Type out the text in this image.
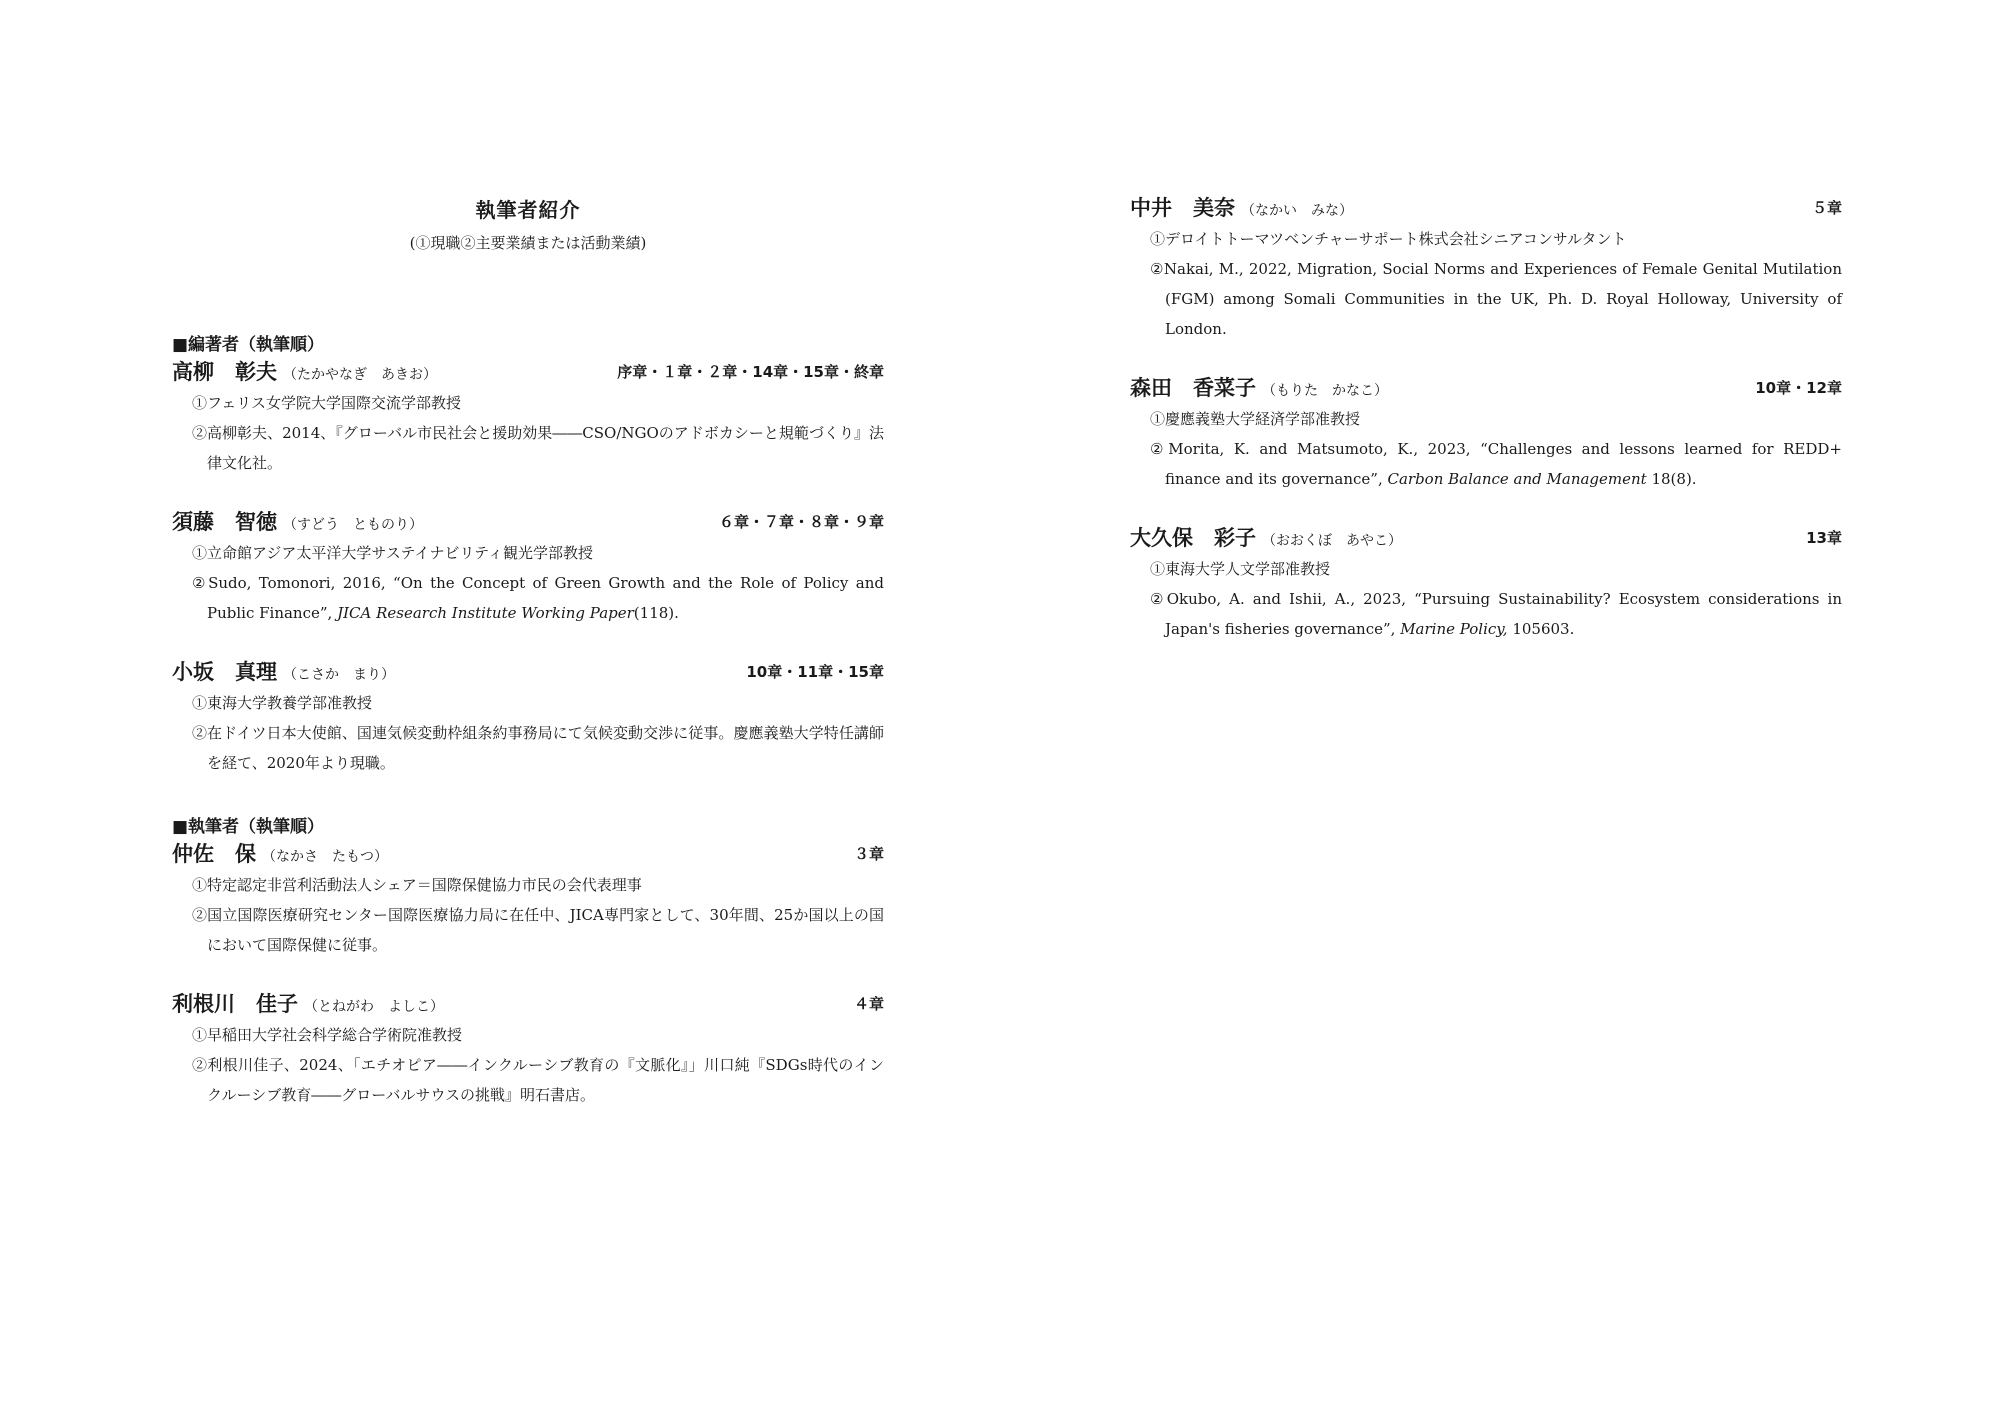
執筆者紹介
(①現職②主要業績または活動業績)
■編著者（執筆順）
高柳　彰夫 （たかやなぎ　あきお）	序章・１章・２章・14章・15章・終章
①フェリス女学院大学国際交流学部教授
②高柳彰夫、2014、『グローバル市民社会と援助効果――CSO/NGOのアドボカシーと規範づくり』法律文化社。
須藤　智徳 （すどう　とものり）	６章・７章・８章・９章
①立命館アジア太平洋大学サステイナビリティ観光学部教授
②Sudo, Tomonori, 2016, “On the Concept of Green Growth and the Role of Policy and Public Finance”, JICA Research Institute Working Paper(118).
小坂　真理 （こさか　まり）	10章・11章・15章
①東海大学教養学部准教授
②在ドイツ日本大使館、国連気候変動枠組条約事務局にて気候変動交渉に従事。慶應義塾大学特任講師を経て、2020年より現職。
■執筆者（執筆順）
仲佐　保 （なかさ　たもつ）	３章
①特定認定非営利活動法人シェア＝国際保健協力市民の会代表理事
②国立国際医療研究センター国際医療協力局に在任中、JICA専門家として、30年間、25か国以上の国において国際保健に従事。
利根川　佳子 （とねがわ　よしこ）	４章
①早稲田大学社会科学総合学術院准教授
②利根川佳子、2024、「エチオピア――インクルーシブ教育の『文脈化』」川口純『SDGs時代のインクルーシブ教育――グローバルサウスの挑戦』明石書店。
中井　美奈 （なかい　みな）	５章
①デロイトトーマツベンチャーサポート株式会社シニアコンサルタント
②Nakai, M., 2022, Migration, Social Norms and Experiences of Female Genital Mutilation (FGM) among Somali Communities in the UK, Ph. D. Royal Holloway, University of London.
森田　香菜子 （もりた　かなこ）	10章・12章
①慶應義塾大学経済学部准教授
②Morita, K. and Matsumoto, K., 2023, “Challenges and lessons learned for REDD+ finance and its governance”, Carbon Balance and Management 18(8).
大久保　彩子 （おおくぼ　あやこ）	13章
①東海大学人文学部准教授
②Okubo, A. and Ishii, A., 2023, “Pursuing Sustainability? Ecosystem considerations in Japan's fisheries governance”, Marine Policy, 105603.
